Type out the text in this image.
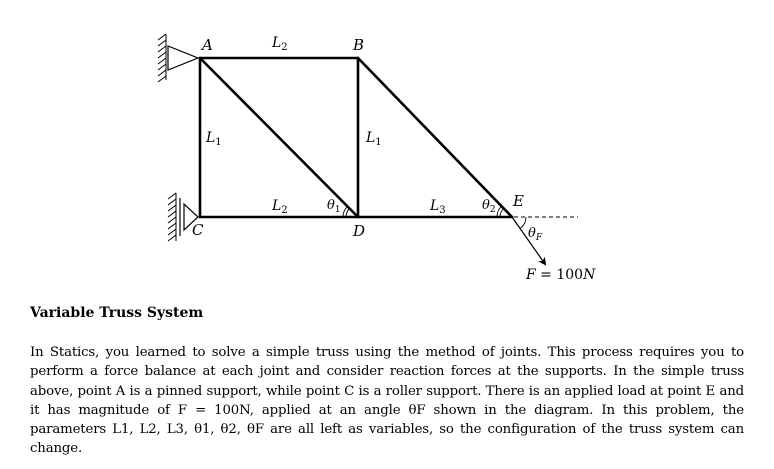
A	B
C	D
E
$L_2$
$L_2$
$L_1$	$L_1$
$L_3$
$\theta_1$	$\theta_2$
$\theta_F$
F = 100N
Variable Truss System

In Statics, you learned to solve a simple truss using the method of joints. This process requires you to perform a force balance at each joint and consider reaction forces at the supports. In the simple truss above, point A is a pinned support, while point C is a roller support. There is an applied load at point E and it has magnitude of F = 100N, applied at an angle θF shown in the diagram. In this problem, the parameters L1, L2, L3, θ1, θ2, θF are all left as variables, so the configuration of the truss system can change.
